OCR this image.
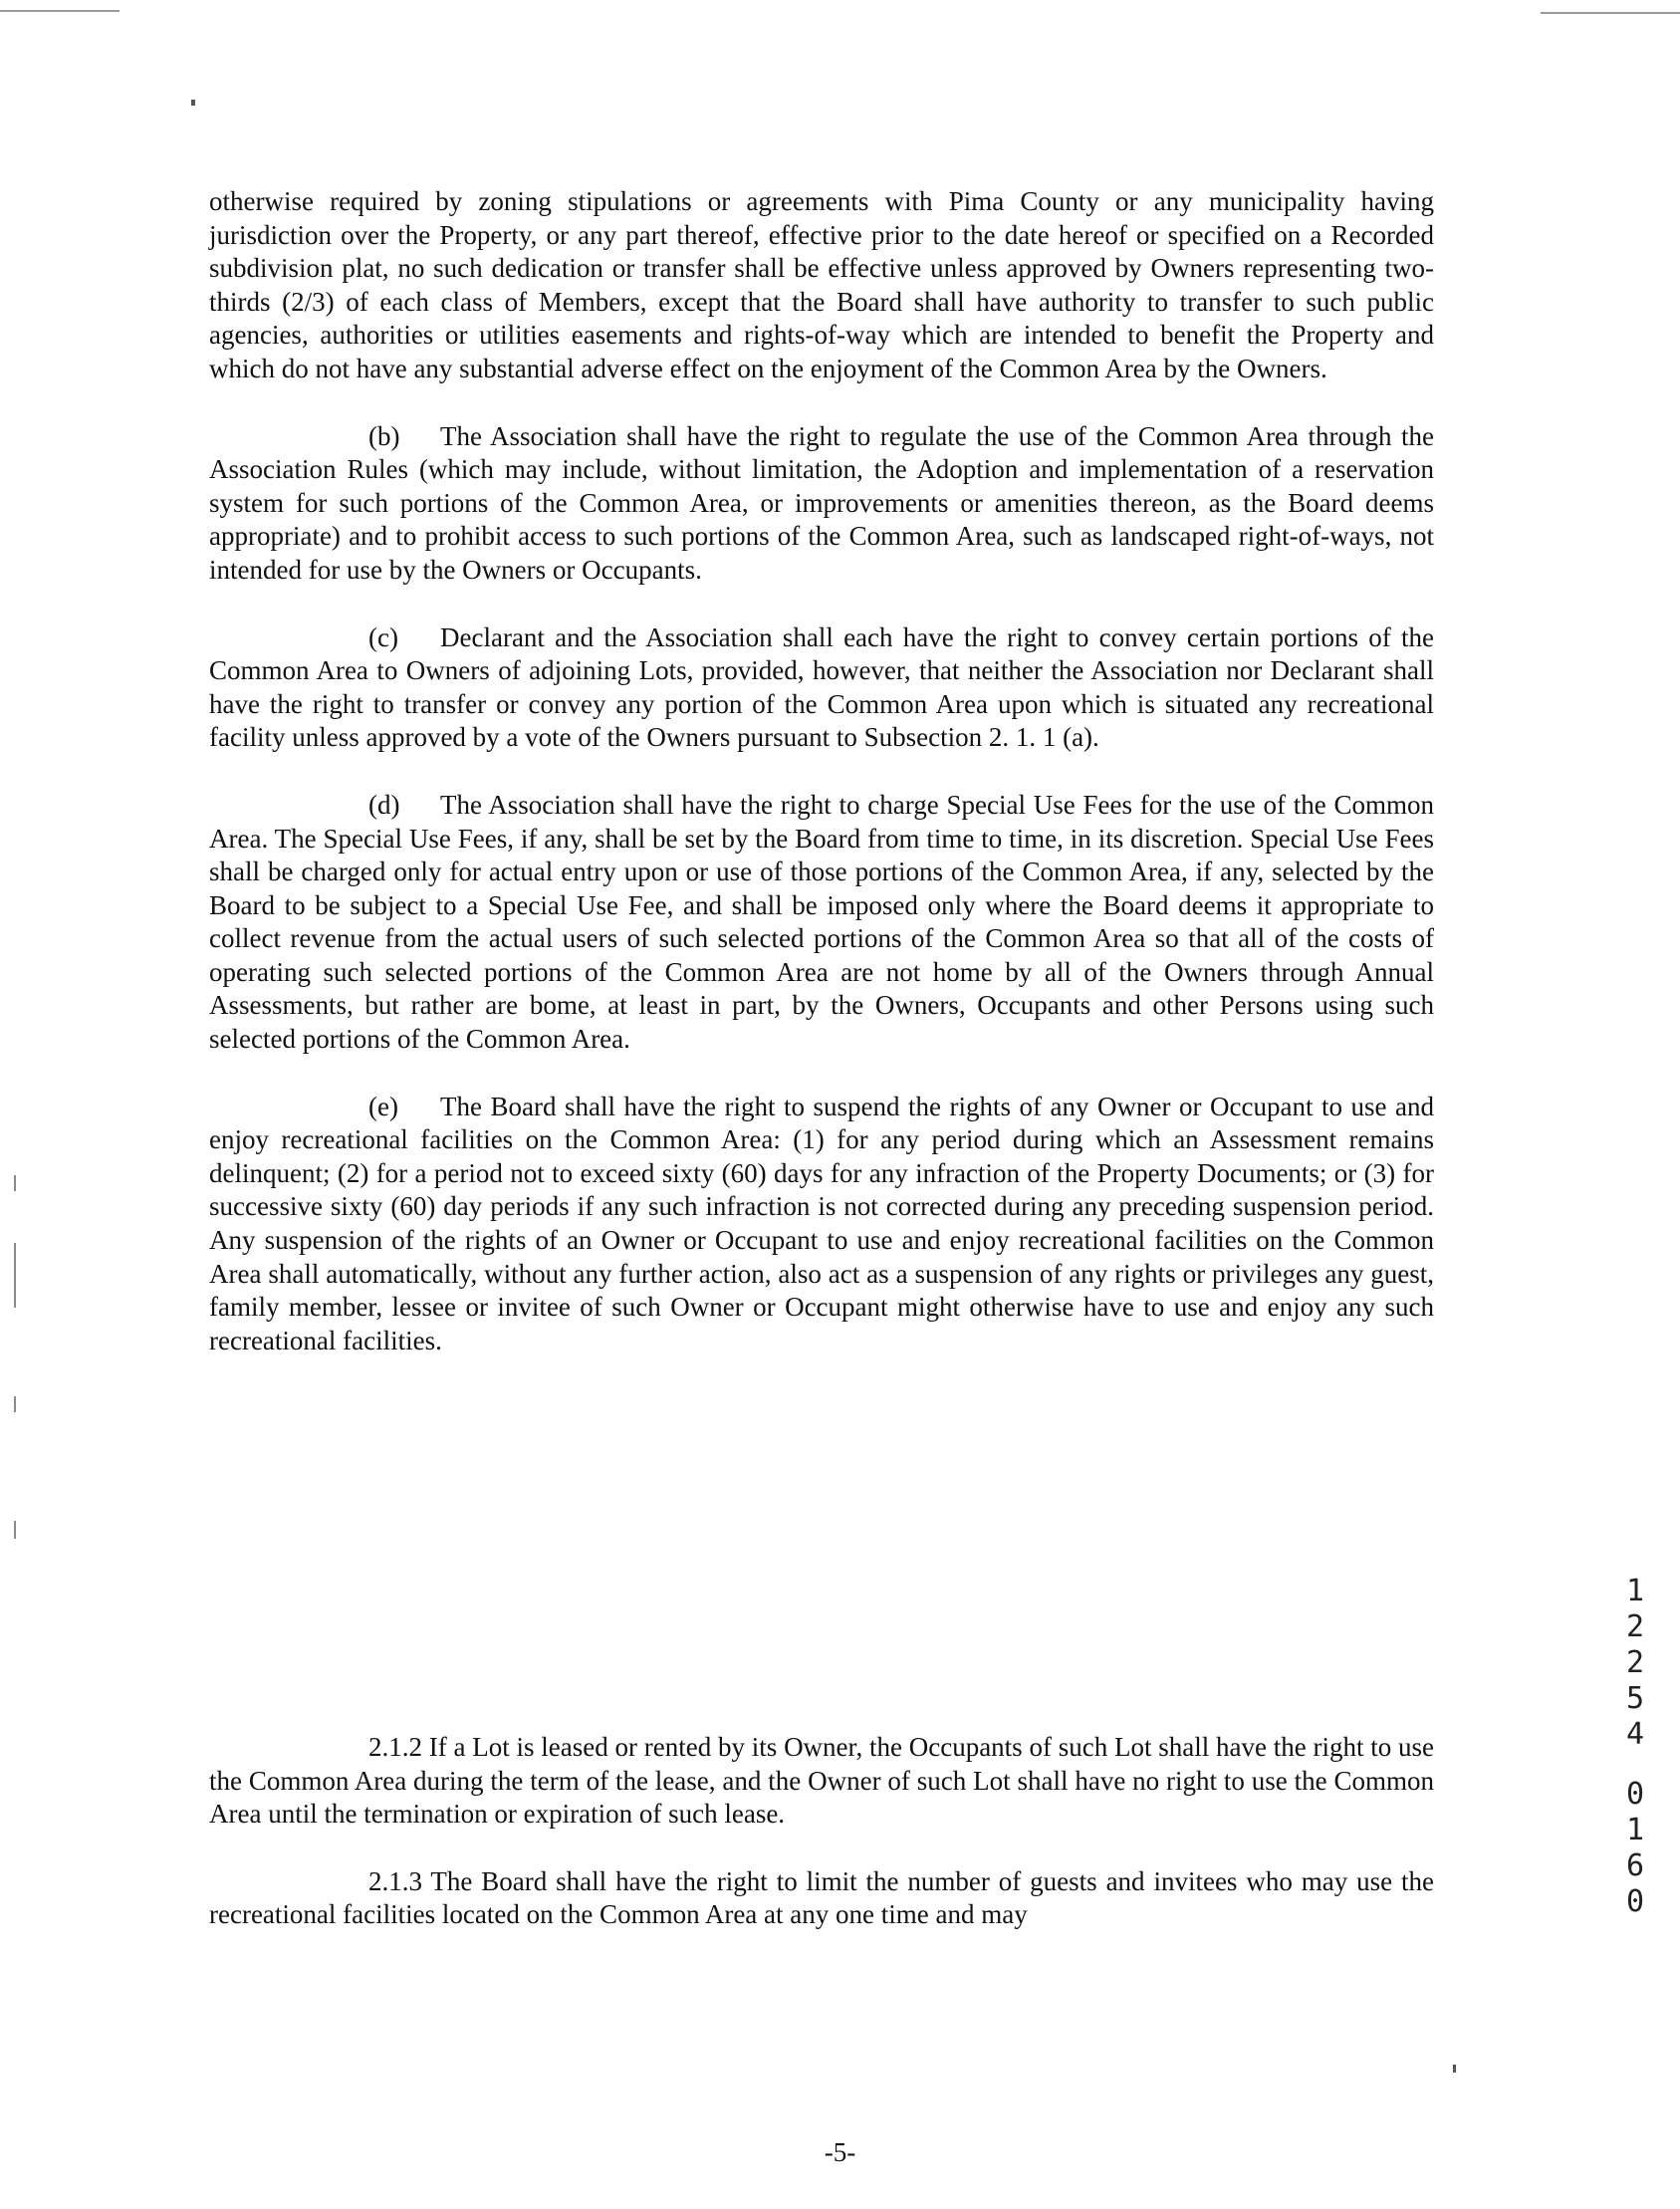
otherwise required by zoning stipulations or agreements with Pima County or any municipality having jurisdiction over the Property, or any part thereof, effective prior to the date hereof or specified on a Recorded subdivision plat, no such dedication or transfer shall be effective unless approved by Owners representing two-thirds (2/3) of each class of Members, except that the Board shall have authority to transfer to such public agencies, authorities or utilities easements and rights-of-way which are intended to benefit the Property and which do not have any substantial adverse effect on the enjoyment of the Common Area by the Owners.

(b) The Association shall have the right to regulate the use of the Common Area through the Association Rules (which may include, without limitation, the Adoption and implementation of a reservation system for such portions of the Common Area, or improvements or amenities thereon, as the Board deems appropriate) and to prohibit access to such portions of the Common Area, such as landscaped right-of-ways, not intended for use by the Owners or Occupants.

(c) Declarant and the Association shall each have the right to convey certain portions of the Common Area to Owners of adjoining Lots, provided, however, that neither the Association nor Declarant shall have the right to transfer or convey any portion of the Common Area upon which is situated any recreational facility unless approved by a vote of the Owners pursuant to Subsection 2. 1. 1 (a).

(d) The Association shall have the right to charge Special Use Fees for the use of the Common Area. The Special Use Fees, if any, shall be set by the Board from time to time, in its discretion. Special Use Fees shall be charged only for actual entry upon or use of those portions of the Common Area, if any, selected by the Board to be subject to a Special Use Fee, and shall be imposed only where the Board deems it appropriate to collect revenue from the actual users of such selected portions of the Common Area so that all of the costs of operating such selected portions of the Common Area are not home by all of the Owners through Annual Assessments, but rather are bome, at least in part, by the Owners, Occupants and other Persons using such selected portions of the Common Area.

(e) The Board shall have the right to suspend the rights of any Owner or Occupant to use and enjoy recreational facilities on the Common Area: (1) for any period during which an Assessment remains delinquent; (2) for a period not to exceed sixty (60) days for any infraction of the Property Documents; or (3) for successive sixty (60) day periods if any such infraction is not corrected during any preceding suspension period. Any suspension of the rights of an Owner or Occupant to use and enjoy recreational facilities on the Common Area shall automatically, without any further action, also act as a suspension of any rights or privileges any guest, family member, lessee or invitee of such Owner or Occupant might otherwise have to use and enjoy any such recreational facilities.

2.1.2 If a Lot is leased or rented by its Owner, the Occupants of such Lot shall have the right to use the Common Area during the term of the lease, and the Owner of such Lot shall have no right to use the Common Area until the termination or expiration of such lease.

2.1.3 The Board shall have the right to limit the number of guests and invitees who may use the recreational facilities located on the Common Area at any one time and may

-5-
1
2
2
5
4
0
1
6
0
